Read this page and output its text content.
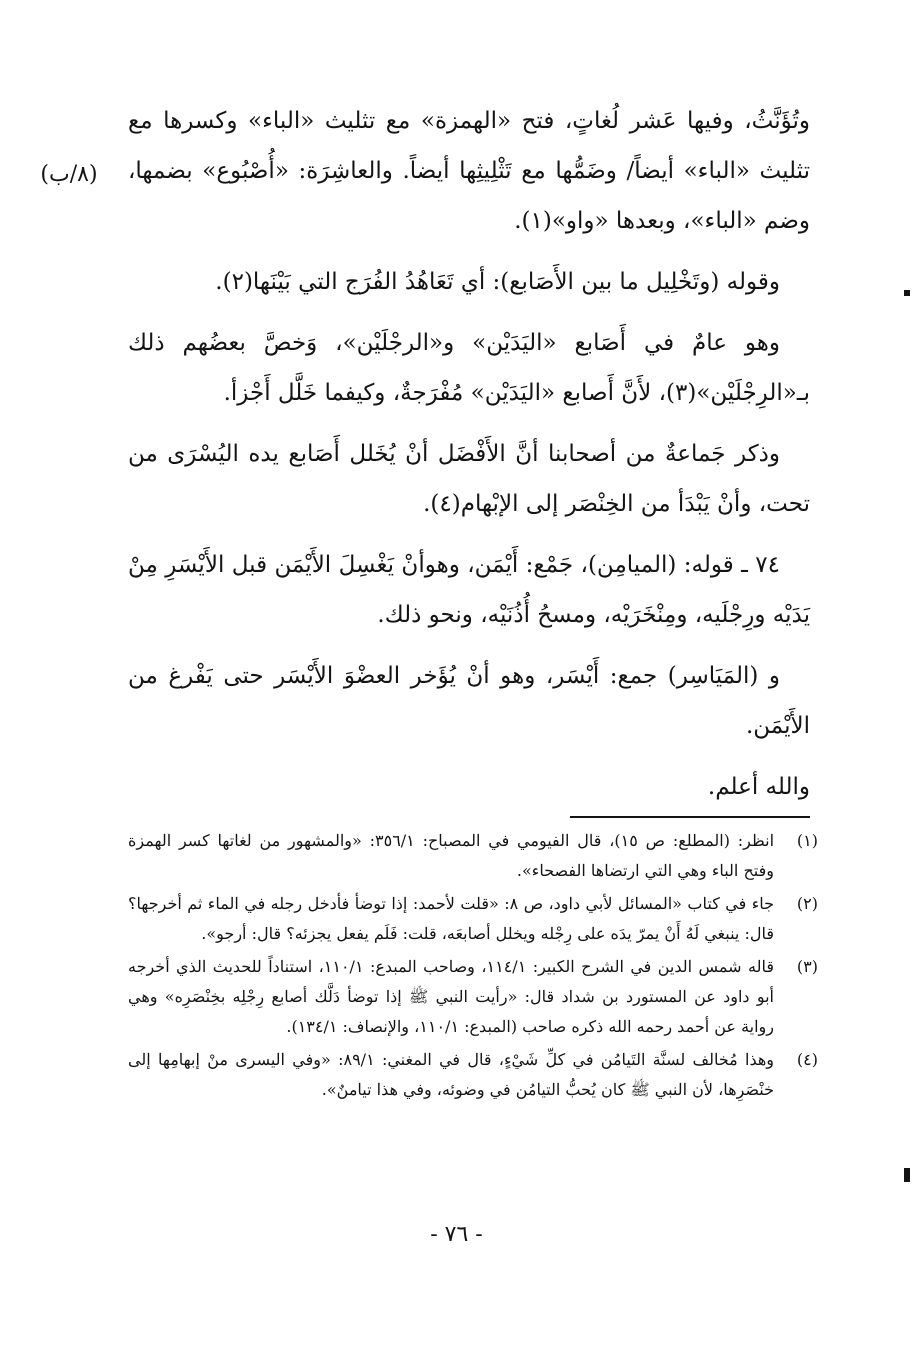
(٨/ب)

وتُؤَنَّثُ، وفيها عَشر لُغاتٍ، فتح «الهمزة» مع تثليث «الباء» وكسرها مع تثليث «الباء» أيضاً/ وضَمُّها مع تَثْلِيثِها أيضاً. والعاشِرَة: «أُصْبُوع» بضمها، وضم «الباء»، وبعدها «واو»(١).

وقوله (وتَخْلِيل ما بين الأَصَابع): أي تَعَاهُدُ الفُرَج التي بَيْنَها(٢).

وهو عامٌ في أَصَابع «اليَدَيْن» و«الرجْلَيْن»، وَخصَّ بعضُهم ذلك بـ«الرِجْلَيْن»(٣)، لأَنَّ أَصابع «اليَدَيْن» مُفْرَجةٌ، وكيفما خَلَّل أَجْزأ.

وذكر جَماعةٌ من أصحابنا أنَّ الأَفْضَل أنْ يُخَلل أَصَابع يده اليُسْرَى من تحت، وأنْ يَبْدَأ من الخِنْصَر إلى الإبْهام(٤).

٧٤ ـ قوله: (الميامِن)، جَمْع: أَيْمَن، وهوأنْ يَغْسِلَ الأَيْمَن قبل الأَيْسَرِ مِنْ يَدَيْه ورِجْلَيه، ومِنْخَرَيْه، ومسحُ أُذُنَيْه، ونحو ذلك.

و (المَيَاسِر) جمع: أَيْسَر، وهو أنْ يُؤَخر العضْوَ الأَيْسَر حتى يَفْرغ من الأَيْمَن.

والله أعلم.

(١)
انظر: (المطلع: ص ١٥)، قال الفيومي في المصباح: ٣٥٦/١: «والمشهور من لغاتها كسر الهمزة وفتح الباء وهي التي ارتضاها الفصحاء».
(٢)
جاء في كتاب «المسائل لأبي داود، ص ٨: «قلت لأحمد: إذا توضأ فأدخل رجله في الماء ثم أخرجها؟ قال: ينبغي لَهُ أَنْ يمرّ يدَه على رِجْله ويخلل أصابعَه، قلت: فَلَم يفعل يجزئه؟ قال: أرجو».
(٣)
قاله شمس الدين في الشرح الكبير: ١١٤/١، وصاحب المبدع: ١١٠/١، استناداً للحديث الذي أخرجه أبو داود عن المستورد بن شداد قال: «رأيت النبي ﷺ إذا توضأ دَلَّك أصابع رِجْلِه بخِنْصَرِه» وهي رواية عن أحمد رحمه الله ذكره صاحب (المبدع: ١١٠/١، والإنصاف: ١٣٤/١).
(٤)
وهذا مُخالف لسنَّة التَيامُن في كلِّ شَيْءٍ، قال في المغني: ٨٩/١: «وفي اليسرى منْ إبهامِها إلى خنْصَرِها، لأن النبي ﷺ كان يُحبُّ التيامُن في وضوئه، وفي هذا تيامنٌ».
- ٧٦ -
